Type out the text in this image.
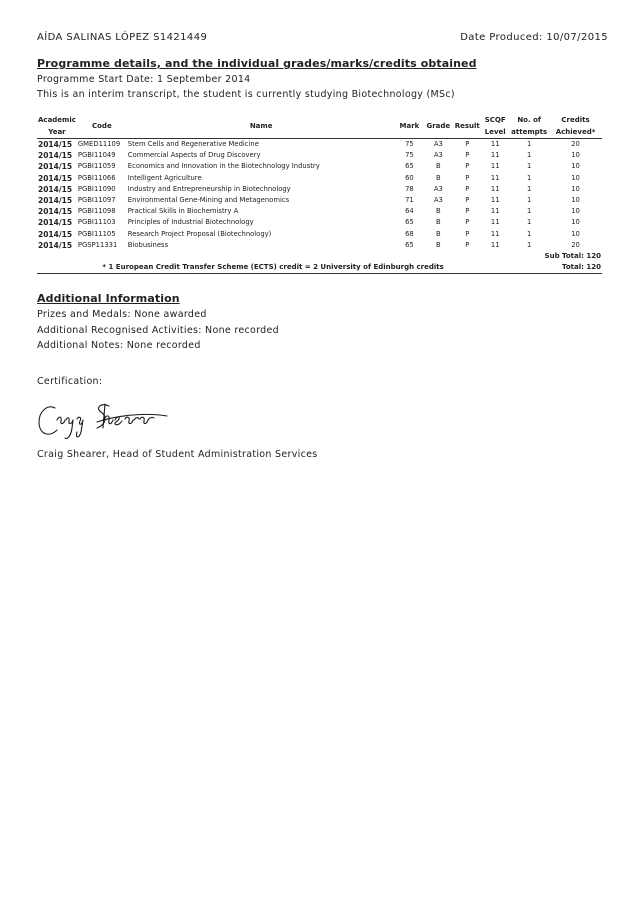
AÍDA SALINAS LÓPEZ S1421449	Date Produced: 10/07/2015
Programme details, and the individual grades/marks/credits obtained
Programme Start Date: 1 September 2014
This is an interim transcript, the student is currently studying Biotechnology (MSc)
Academic Year	Code	Name	Mark	Grade	Result	SCQF Level	No. of attempts	Credits Achieved*
2014/15	GMED11109	Stem Cells and Regenerative Medicine	75	A3	P	11	1	20
2014/15	PGBI11049	Commercial Aspects of Drug Discovery	75	A3	P	11	1	10
2014/15	PGBI11059	Economics and Innovation in the Biotechnology Industry	65	B	P	11	1	10
2014/15	PGBI11066	Intelligent Agriculture	60	B	P	11	1	10
2014/15	PGBI11090	Industry and Entrepreneurship in Biotechnology	78	A3	P	11	1	10
2014/15	PGBI11097	Environmental Gene-Mining and Metagenomics	71	A3	P	11	1	10
2014/15	PGBI11098	Practical Skills in Biochemistry A	64	B	P	11	1	10
2014/15	PGBI11103	Principles of Industrial Biotechnology	65	B	P	11	1	10
2014/15	PGBI11105	Research Project Proposal (Biotechnology)	68	B	P	11	1	10
2014/15	PGSP11331	Biobusiness	65	B	P	11	1	20
Sub Total: 120								
* 1 European Credit Transfer Scheme (ECTS) credit = 2 University of Edinburgh credits							Total: 120	
Additional Information
Prizes and Medals: None awarded
Additional Recognised Activities: None recorded
Additional Notes: None recorded
Certification:
Craig Shearer, Head of Student Administration Services
